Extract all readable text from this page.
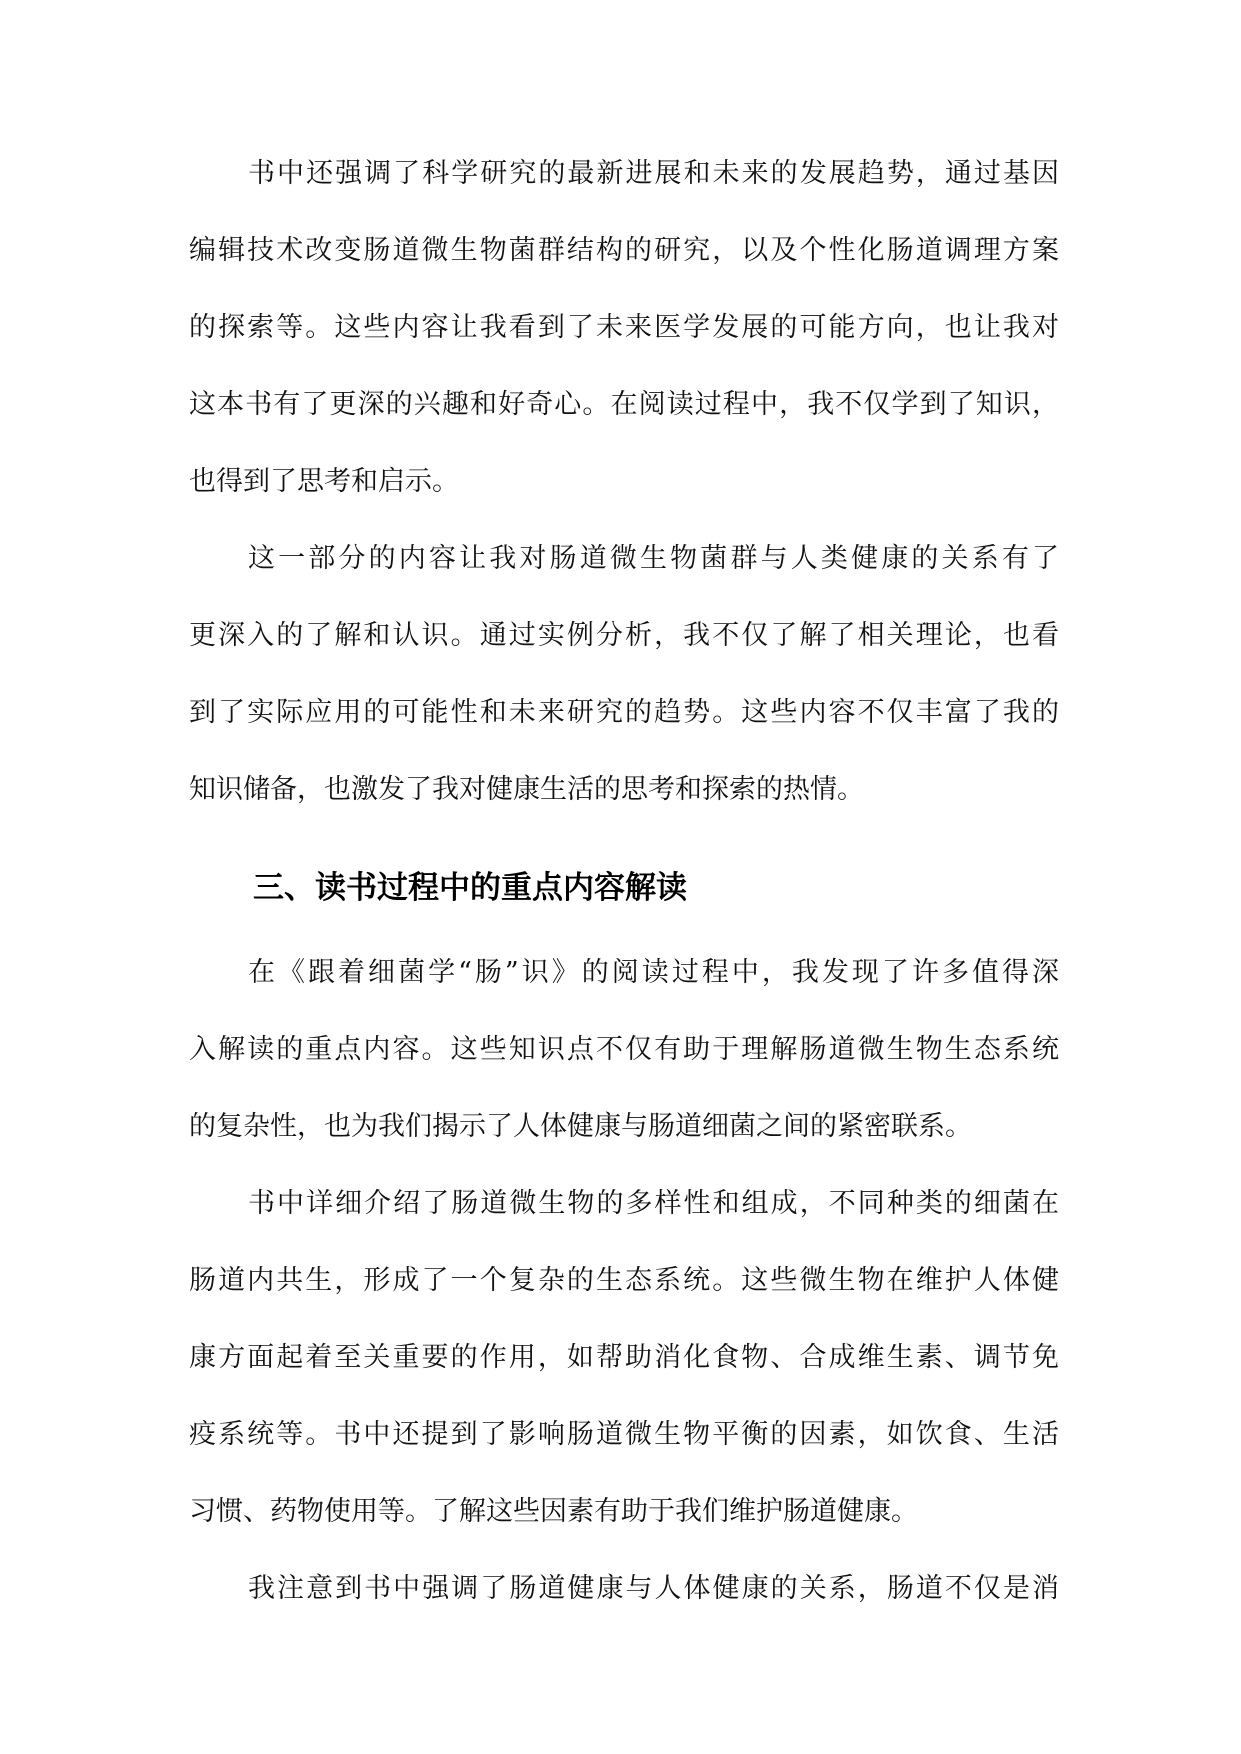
书中还强调了科学研究的最新进展和未来的发展趋势，通过基因
编辑技术改变肠道微生物菌群结构的研究，以及个性化肠道调理方案
的探索等。这些内容让我看到了未来医学发展的可能方向，也让我对
这本书有了更深的兴趣和好奇心。在阅读过程中，我不仅学到了知识，
也得到了思考和启示。
这一部分的内容让我对肠道微生物菌群与人类健康的关系有了
更深入的了解和认识。通过实例分析，我不仅了解了相关理论，也看
到了实际应用的可能性和未来研究的趋势。这些内容不仅丰富了我的
知识储备，也激发了我对健康生活的思考和探索的热情。
三、读书过程中的重点内容解读
在《跟着细菌学“肠”识》的阅读过程中，我发现了许多值得深
入解读的重点内容。这些知识点不仅有助于理解肠道微生物生态系统
的复杂性，也为我们揭示了人体健康与肠道细菌之间的紧密联系。
书中详细介绍了肠道微生物的多样性和组成，不同种类的细菌在
肠道内共生，形成了一个复杂的生态系统。这些微生物在维护人体健
康方面起着至关重要的作用，如帮助消化食物、合成维生素、调节免
疫系统等。书中还提到了影响肠道微生物平衡的因素，如饮食、生活
习惯、药物使用等。了解这些因素有助于我们维护肠道健康。
我注意到书中强调了肠道健康与人体健康的关系，肠道不仅是消
